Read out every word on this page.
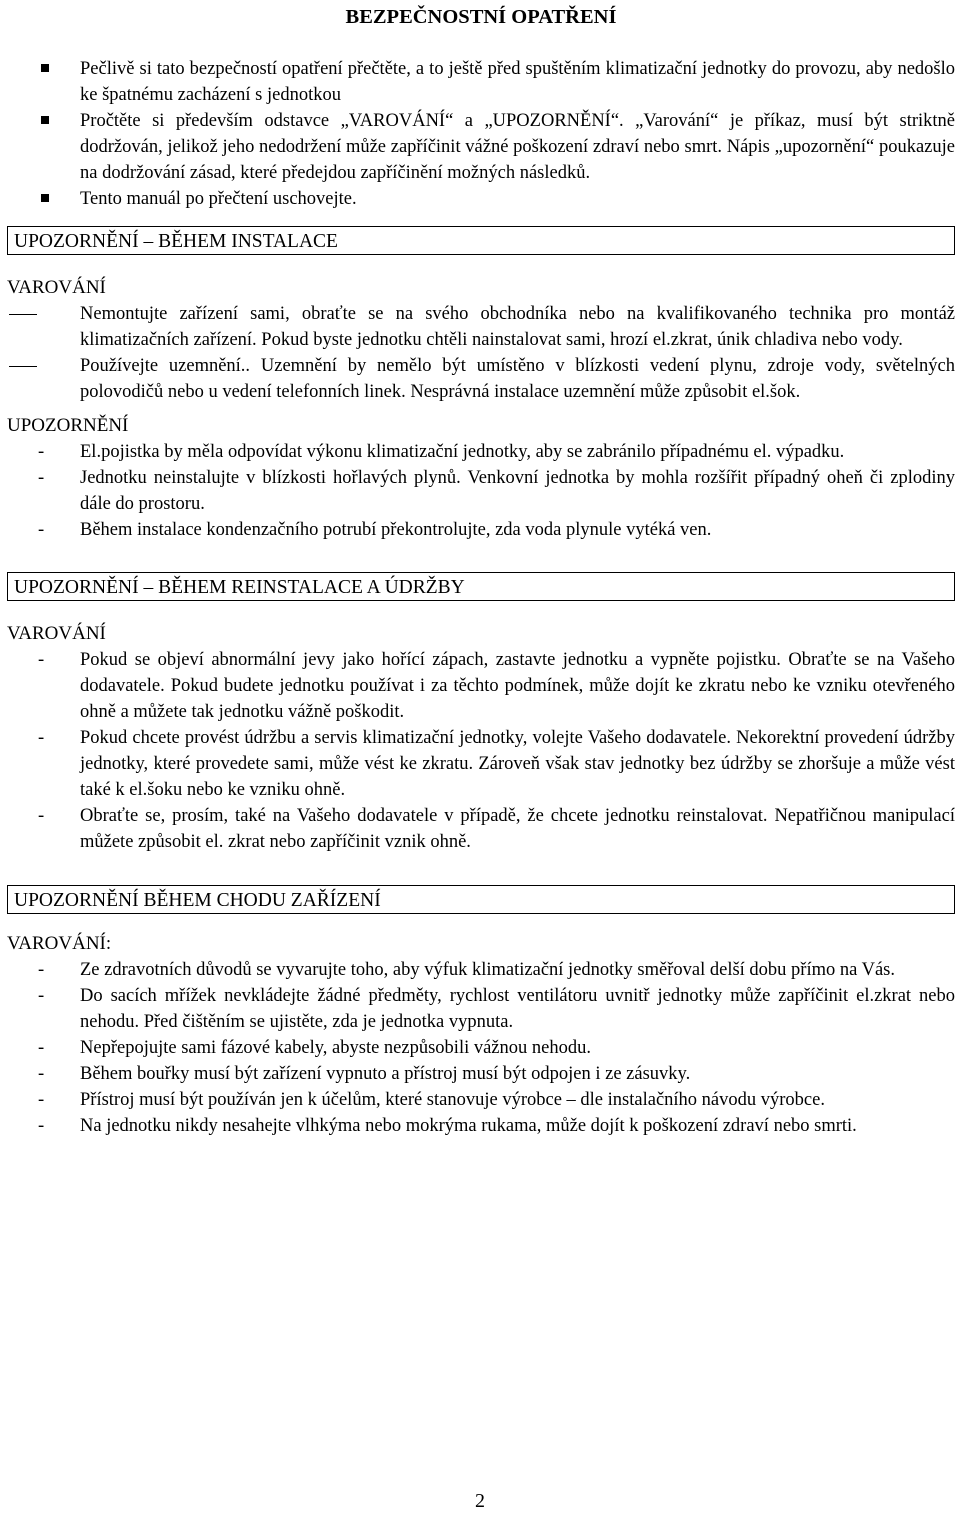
BEZPEČNOSTNÍ OPATŘENÍ
Pečlivě si tato bezpečností opatření přečtěte, a to ještě před spuštěním klimatizační jednotky do provozu, aby nedošlo ke špatnému zacházení s jednotkou
Pročtěte si především odstavce „VAROVÁNÍ“ a „UPOZORNĚNÍ“. „Varování“ je příkaz, musí být striktně dodržován, jelikož jeho nedodržení může zapříčinit vážné poškození zdraví nebo smrt. Nápis „upozornění“ poukazuje na dodržování zásad, které předejdou zapříčinění možných následků.
Tento manuál po přečtení uschovejte.
UPOZORNĚNÍ – BĚHEM INSTALACE
VAROVÁNÍ
Nemontujte zařízení sami, obraťte se na svého obchodníka nebo na kvalifikovaného technika pro montáž klimatizačních zařízení. Pokud byste jednotku chtěli nainstalovat sami, hrozí el.zkrat, únik chladiva nebo vody.
Používejte uzemnění.. Uzemnění by nemělo být umístěno v blízkosti vedení plynu, zdroje vody, světelných polovodičů nebo u vedení telefonních linek. Nesprávná instalace uzemnění může způsobit el.šok.
UPOZORNĚNÍ
- El.pojistka by měla odpovídat výkonu klimatizační jednotky, aby se zabránilo případnému el. výpadku.
- Jednotku neinstalujte v blízkosti hořlavých plynů. Venkovní jednotka by mohla rozšířit případný oheň či zplodiny dále do prostoru.
- Během instalace kondenzačního potrubí překontrolujte, zda voda plynule vytéká ven.
UPOZORNĚNÍ – BĚHEM REINSTALACE A ÚDRŽBY
VAROVÁNÍ
- Pokud se objeví abnormální jevy jako hořící zápach, zastavte jednotku a vypněte pojistku. Obraťte se na Vašeho dodavatele. Pokud budete jednotku používat i za těchto podmínek, může dojít ke zkratu nebo ke vzniku otevřeného ohně a můžete tak jednotku vážně poškodit.
- Pokud chcete provést údržbu a servis klimatizační jednotky, volejte Vašeho dodavatele. Nekorektní provedení údržby jednotky, které provedete sami, může vést ke zkratu. Zároveň však stav jednotky bez údržby se zhoršuje a může vést také k el.šoku nebo ke vzniku ohně.
- Obraťte se, prosím, také na Vašeho dodavatele v případě, že chcete jednotku reinstalovat. Nepatřičnou manipulací můžete způsobit el. zkrat nebo zapříčinit vznik ohně.
UPOZORNĚNÍ BĚHEM CHODU ZAŘÍZENÍ
VAROVÁNÍ:
- Ze zdravotních důvodů se vyvarujte toho, aby výfuk klimatizační jednotky směřoval delší dobu přímo na Vás.
- Do sacích mřížek nevkládejte žádné předměty, rychlost ventilátoru uvnitř jednotky může zapříčinit el.zkrat nebo nehodu. Před čištěním se ujistěte, zda je jednotka vypnuta.
- Nepřepojujte sami fázové kabely, abyste nezpůsobili vážnou nehodu.
- Během bouřky musí být zařízení vypnuto a přístroj musí být odpojen i ze zásuvky.
- Přístroj musí být používán jen k účelům, které stanovuje výrobce – dle instalačního návodu výrobce.
- Na jednotku nikdy nesahejte vlhkýma nebo mokrýma rukama, může dojít k poškození zdraví nebo smrti.
2
